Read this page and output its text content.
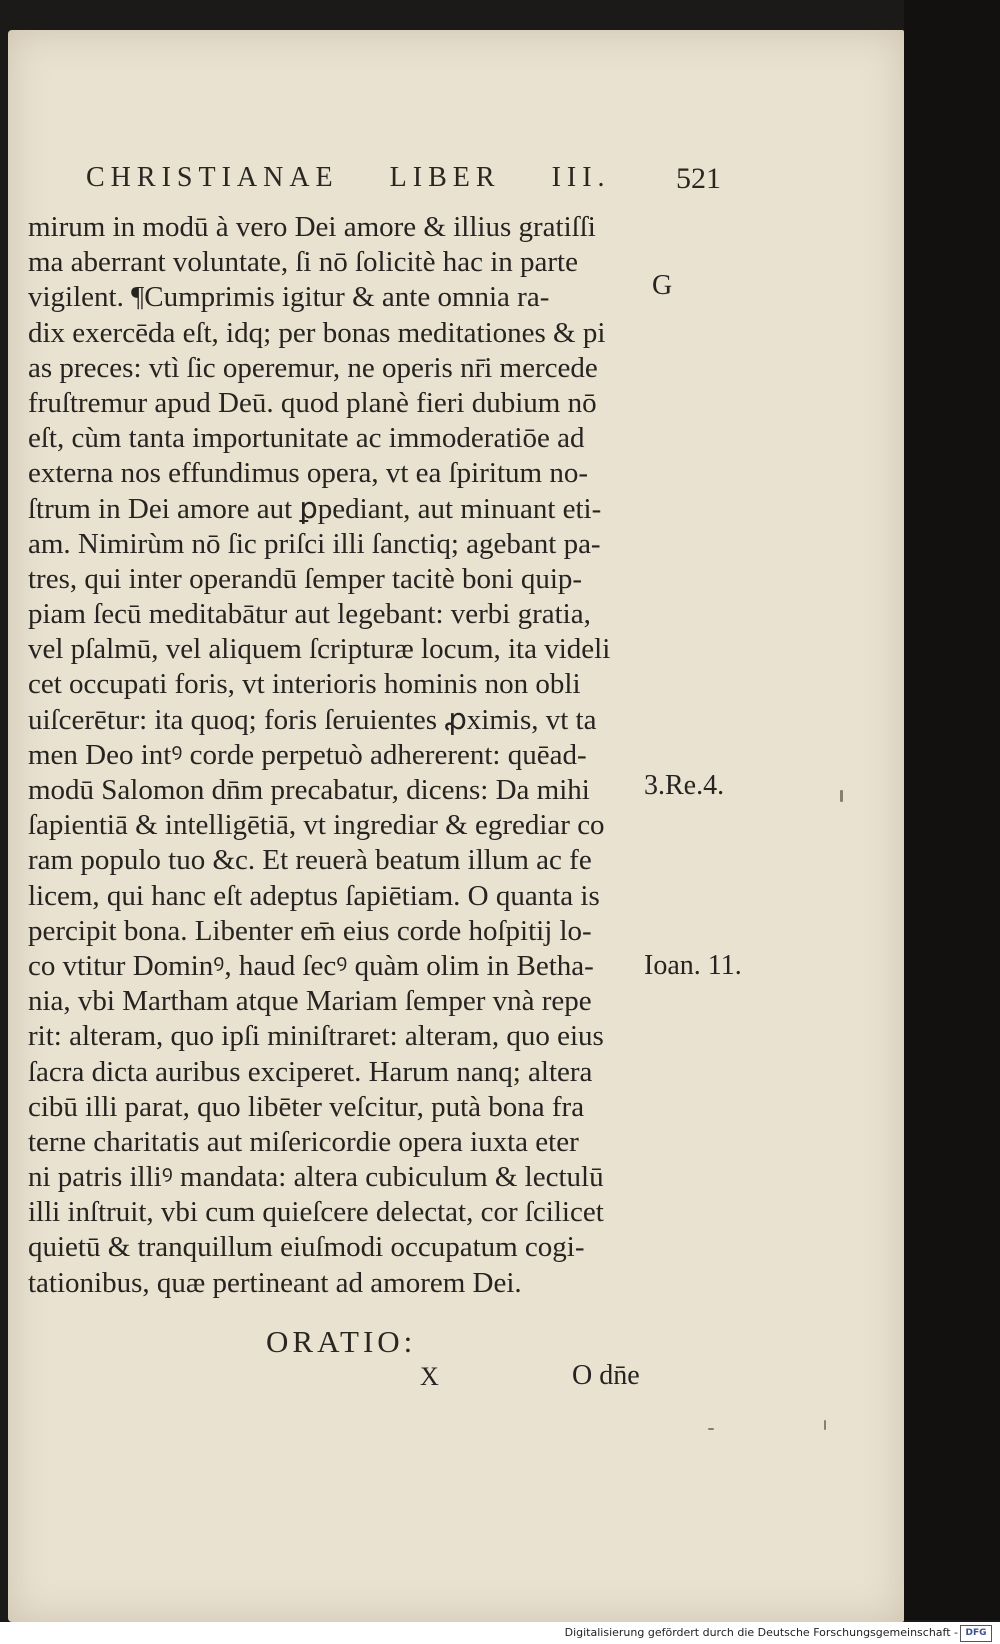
CHRISTIANAE LIBER III.	521
mirum in modū à vero Dei amore & illius gratiſſi
ma aberrant voluntate, ſi nō ſolicitè hac in parte
vigilent. ¶Cumprimis igitur & ante omnia ra-
dix exercēda eſt, idq; per bonas meditationes & pi
as preces: vtì ſic operemur, ne operis nr̄i mercede
fruſtremur apud Deū. quod planè fieri dubium nō
eſt, cùm tanta importunitate ac immoderatiōe ad
externa nos effundimus opera, vt ea ſpiritum no-
ſtrum in Dei amore aut ꝑpediant, aut minuant eti-
am. Nimirùm nō ſic priſci illi ſanctiq; agebant pa-
tres, qui inter operandū ſemper tacitè boni quip-
piam ſecū meditabātur aut legebant: verbi gratia,
vel pſalmū, vel aliquem ſcripturæ locum, ita videli
cet occupati foris, vt interioris hominis non obli
uiſcerētur: ita quoq; foris ſeruientes ꝓximis, vt ta
men Deo intꝰ corde perpetuò adhererent: quēad-
modū Salomon dn̄m precabatur, dicens: Da mihi
ſapientiā & intelligētiā, vt ingrediar & egrediar co
ram populo tuo &c. Et reuerà beatum illum ac fe
licem, qui hanc eſt adeptus ſapiētiam. O quanta is
percipit bona. Libenter em̄ eius corde hoſpitij lo-
co vtitur Dominꝰ, haud ſecꝰ quàm olim in Betha-
nia, vbi Martham atque Mariam ſemper vnà repe
rit: alteram, quo ipſi miniſtraret: alteram, quo eius
ſacra dicta auribus exciperet. Harum nanq; altera
cibū illi parat, quo libēter veſcitur, putà bona fra
terne charitatis aut miſericordie opera iuxta eter
ni patris illiꝰ mandata: altera cubiculum & lectulū
illi inſtruit, vbi cum quieſcere delectat, cor ſcilicet
quietū & tranquillum eiuſmodi occupatum cogi-
tationibus, quæ pertineant ad amorem Dei.
G
3.Re.4.
Ioan. 11.
ORATIO:
X	O dn̄e
Digitalisierung gefördert durch die Deutsche Forschungsgemeinschaft - DFG
